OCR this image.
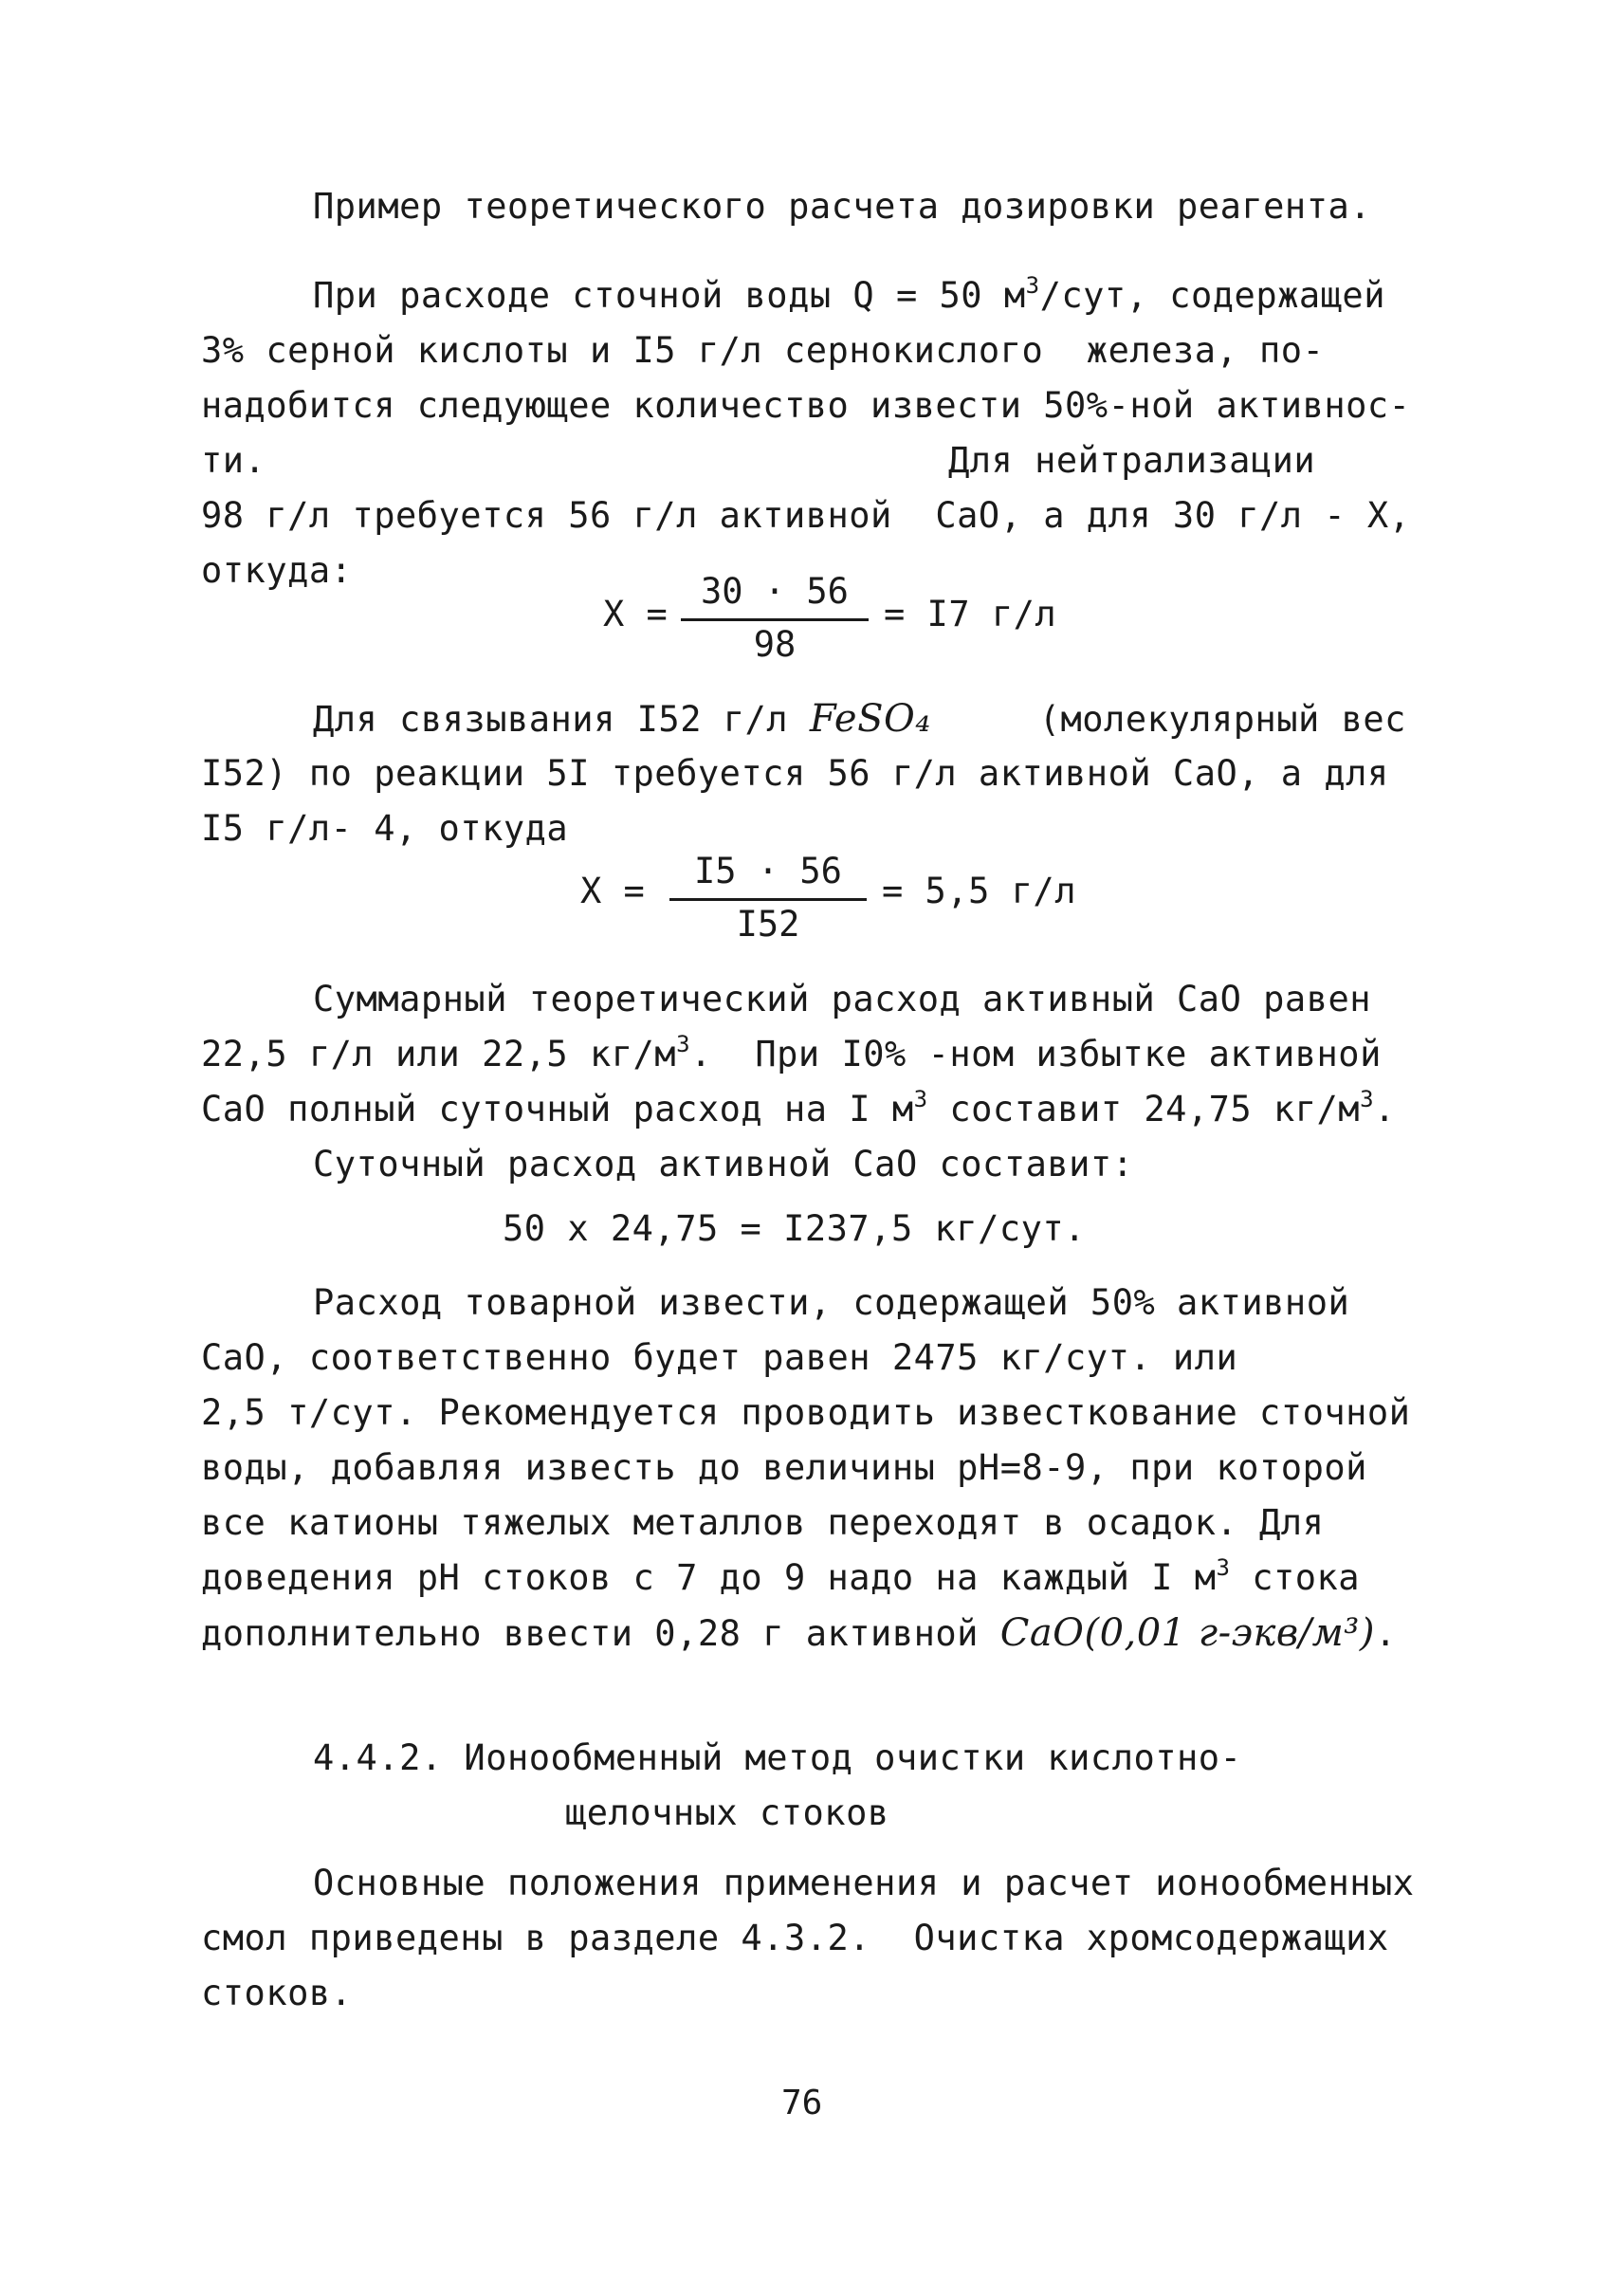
Пример теоретического расчета дозировки реагента.
При расходе сточной воды Q = 50 $м^3$/сут, содержащей
3% серной кислоты и I5 г/л сернокислого  железа, по-
надобится следующее количество извести 50%-ной активнос-
ти.	Для нейтрализации
98 г/л требуется 56 г/л активной  CaO, а для 30 г/л - X,
откуда:
X =

30 · 56

98

= I7 г/л
Для связывания I52 г/л FeSO₄	(молекулярный вес
I52) по реакции 5I требуется 56 г/л активной CaO, а для
I5 г/л- 4, откуда
X =

	I5 · 56

I52

= 5,5 г/л
Суммарный теоретический расход активный CaO равен
22,5 г/л или 22,5 $кг/м^3$.  При I0% -ном избытке активной
CaO полный суточный расход на I $м^3$ составит 24,75 $кг/м^3$.
Суточный расход активной CaO составит:
50 x 24,75 = I237,5 кг/сут.
Расход товарной извести, содержащей 50% активной
CaO, соответственно будет равен 2475 кг/сут. или
2,5 т/сут. Рекомендуется проводить известкование сточной
воды, добавляя известь до величины pH=8-9, при которой
все катионы тяжелых металлов переходят в осадок. Для
доведения pH стоков с 7 до 9 надо на каждый I $м^3$ стока
дополнительно ввести 0,28 г активной CaO(0,01 г-экв/м³).
4.4.2. Ионообменный метод очистки кислотно-
щелочных стоков
Основные положения применения и расчет ионообменных
смол приведены в разделе 4.3.2.  Очистка хромсодержащих
стоков.
76
